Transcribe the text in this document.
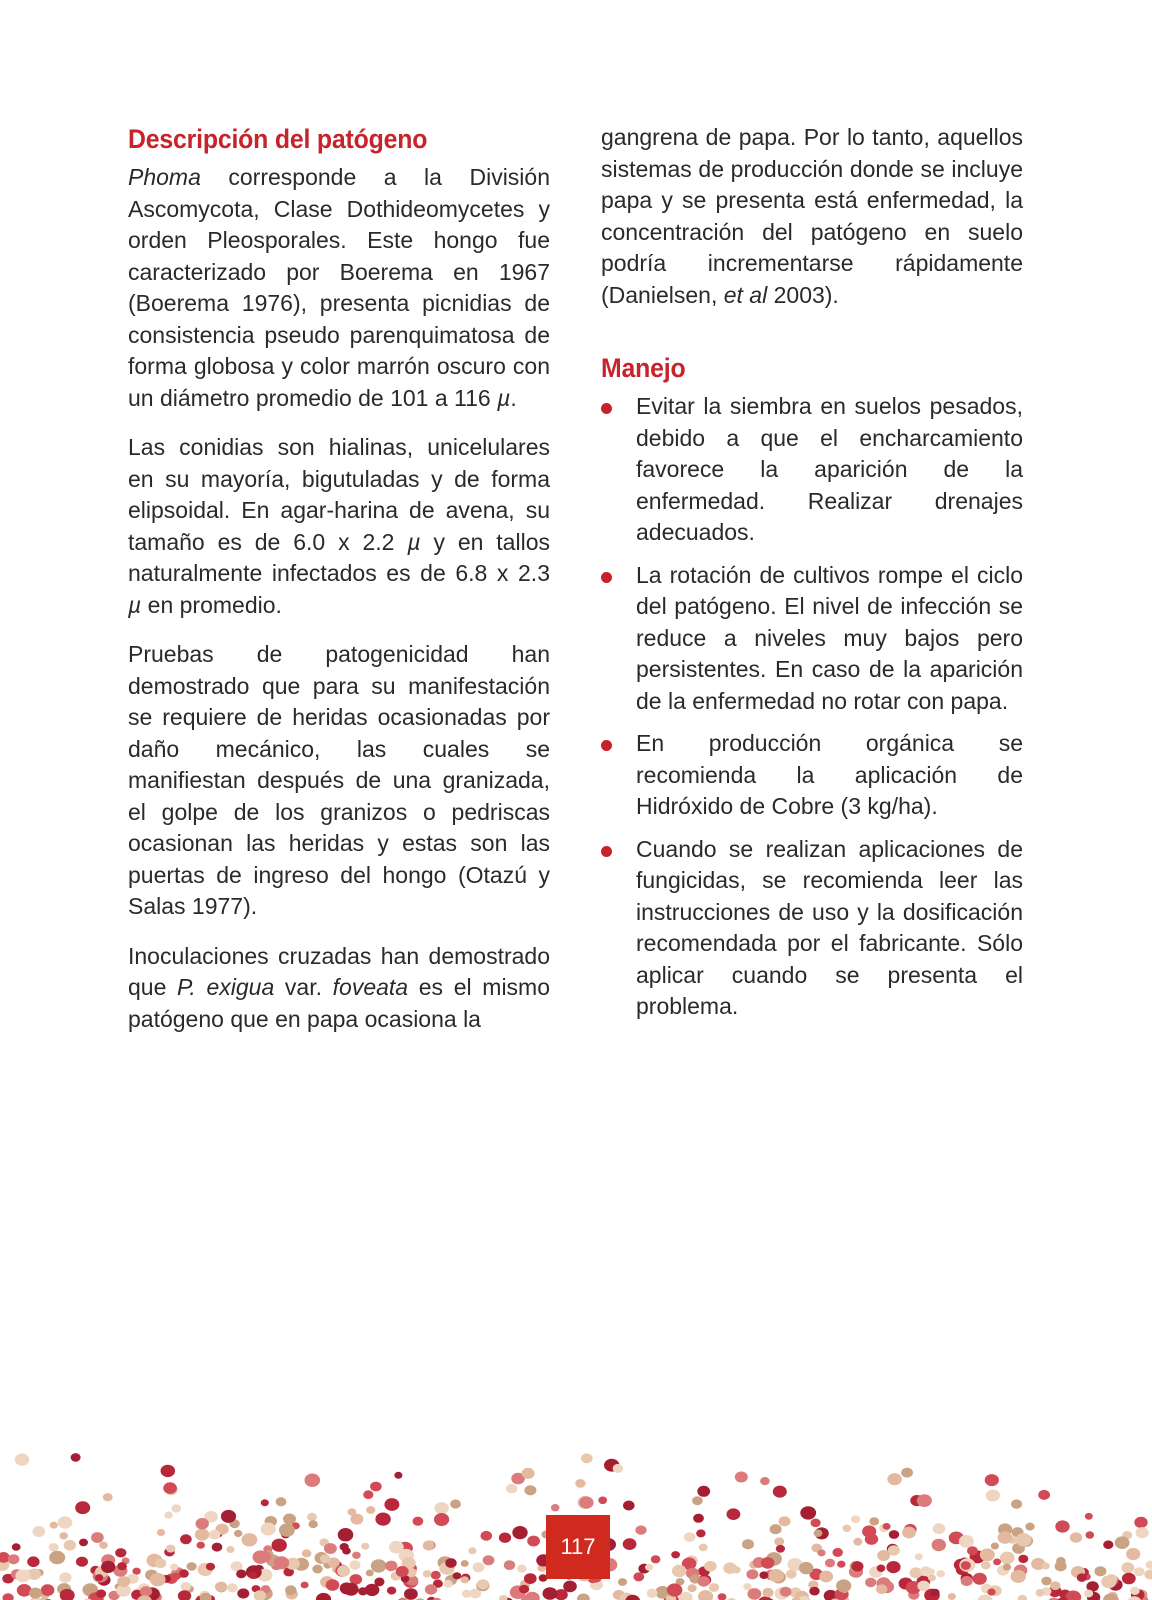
Descripción del patógeno

Phoma corresponde a la División Ascomycota, Clase Dothideomycetes y orden Pleosporales. Este hongo fue caracterizado por Boerema en 1967 (Boerema 1976), presenta picnidias de consistencia pseudo parenquimatosa de forma globosa y color marrón oscuro con un diámetro promedio de 101 a 116 µ.

Las conidias son hialinas, unicelulares en su mayoría, bigutuladas y de forma elipsoidal. En agar-harina de avena, su tamaño es de 6.0 x 2.2 µ y en tallos naturalmente infectados es de 6.8 x 2.3 µ en promedio.

Pruebas de patogenicidad han demostrado que para su manifestación se requiere de heridas ocasionadas por daño mecánico, las cuales se manifiestan después de una granizada, el golpe de los granizos o pedriscas ocasionan las heridas y estas son las puertas de ingreso del hongo (Otazú y Salas 1977).

Inoculaciones cruzadas han demostrado que P. exigua var. foveata es el mismo patógeno que en papa ocasiona la

gangrena de papa. Por lo tanto, aquellos sistemas de producción donde se incluye papa y se presenta está enfermedad, la concentración del patógeno en suelo podría incrementarse rápidamente (Danielsen, et al 2003).

Manejo
Evitar la siembra en suelos pesados, debido a que el encharcamiento favorece la aparición de la enfermedad. Realizar drenajes adecuados.
La rotación de cultivos rompe el ciclo del patógeno. El nivel de infección se reduce a niveles muy bajos pero persistentes. En caso de la aparición de la enfermedad no rotar con papa.
En producción orgánica se recomienda la aplicación de Hidróxido de Cobre (3 kg/ha).
Cuando se realizan aplicaciones de fungicidas, se recomienda leer las instrucciones de uso y la dosificación recomendada por el fabricante. Sólo aplicar cuando se presenta el problema.
117
